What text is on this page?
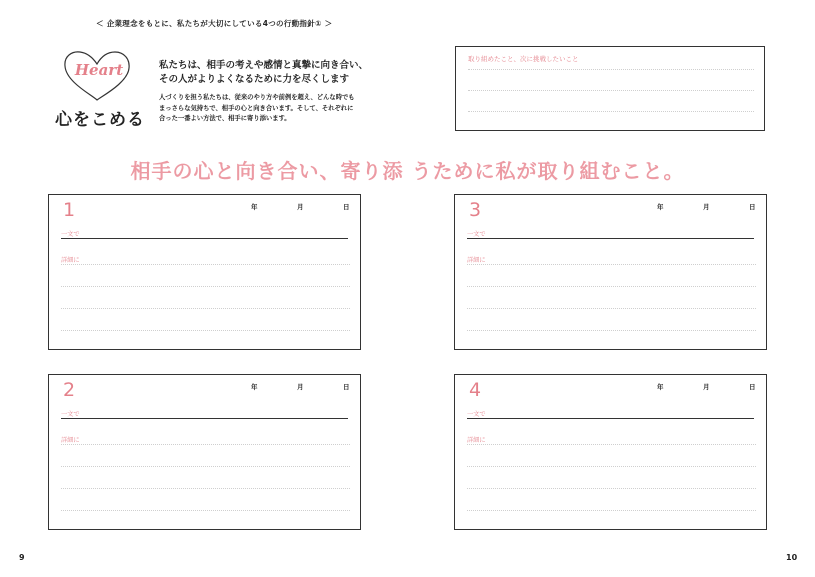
＜ 企業理念をもとに、私たちが大切にしている4つの行動指針① ＞
Heart
心をこめる
私たちは、相手の考えや感情と真摯に向き合い、
その人がよりよくなるために力を尽くします
人づくりを担う私たちは、従来のやり方や前例を超え、どんな時でも
まっさらな気持ちで、相手の心と向き合います。そして、それぞれに
合った一番よい方法で、相手に寄り添います。
取り組めたこと、次に挑戦したいこと
相手の心と向き合い、寄り添 うために私が取り組むこと。
1	年	月	日
一文で
詳細に
3	年	月	日
一文で
詳細に
2	年	月	日
一文で
詳細に
4	年	月	日
一文で
詳細に
9	10
